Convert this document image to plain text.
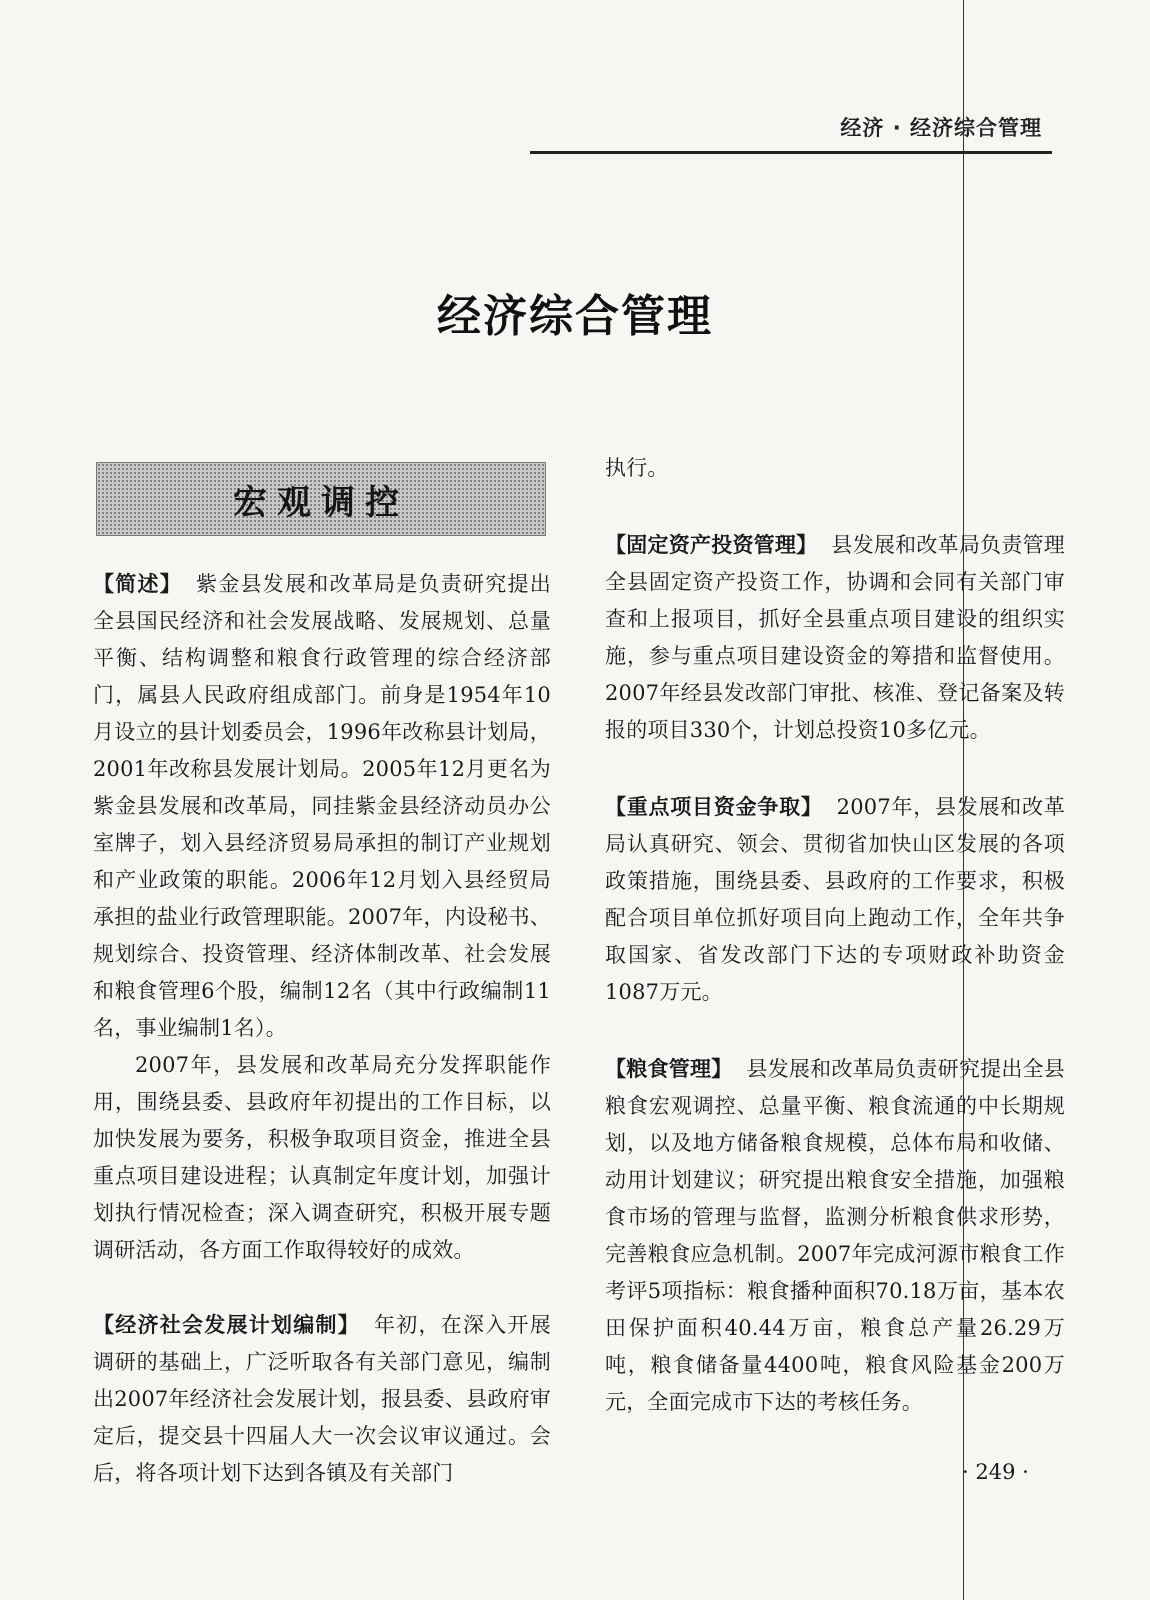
经济 · 经济综合管理
经济综合管理
宏观调控

【简述】 紫金县发展和改革局是负责研究提出全县国民经济和社会发展战略、发展规划、总量平衡、结构调整和粮食行政管理的综合经济部门，属县人民政府组成部门。前身是1954年10月设立的县计划委员会，1996年改称县计划局，2001年改称县发展计划局。2005年12月更名为紫金县发展和改革局，同挂紫金县经济动员办公室牌子，划入县经济贸易局承担的制订产业规划和产业政策的职能。2006年12月划入县经贸局承担的盐业行政管理职能。2007年，内设秘书、规划综合、投资管理、经济体制改革、社会发展和粮食管理6个股，编制12名（其中行政编制11名，事业编制1名）。

2007年，县发展和改革局充分发挥职能作用，围绕县委、县政府年初提出的工作目标，以加快发展为要务，积极争取项目资金，推进全县重点项目建设进程；认真制定年度计划，加强计划执行情况检查；深入调查研究，积极开展专题调研活动，各方面工作取得较好的成效。

【经济社会发展计划编制】 年初，在深入开展调研的基础上，广泛听取各有关部门意见，编制出2007年经济社会发展计划，报县委、县政府审定后，提交县十四届人大一次会议审议通过。会后，将各项计划下达到各镇及有关部门

执行。

【固定资产投资管理】 县发展和改革局负责管理全县固定资产投资工作，协调和会同有关部门审查和上报项目，抓好全县重点项目建设的组织实施，参与重点项目建设资金的筹措和监督使用。2007年经县发改部门审批、核准、登记备案及转报的项目330个，计划总投资10多亿元。

【重点项目资金争取】 2007年，县发展和改革局认真研究、领会、贯彻省加快山区发展的各项政策措施，围绕县委、县政府的工作要求，积极配合项目单位抓好项目向上跑动工作，全年共争取国家、省发改部门下达的专项财政补助资金1087万元。

【粮食管理】 县发展和改革局负责研究提出全县粮食宏观调控、总量平衡、粮食流通的中长期规划，以及地方储备粮食规模，总体布局和收储、动用计划建议；研究提出粮食安全措施，加强粮食市场的管理与监督，监测分析粮食供求形势，完善粮食应急机制。2007年完成河源市粮食工作考评5项指标：粮食播种面积70.18万亩，基本农田保护面积40.44万亩，粮食总产量26.29万吨，粮食储备量4400吨，粮食风险基金200万元，全面完成市下达的考核任务。

· 249 ·
